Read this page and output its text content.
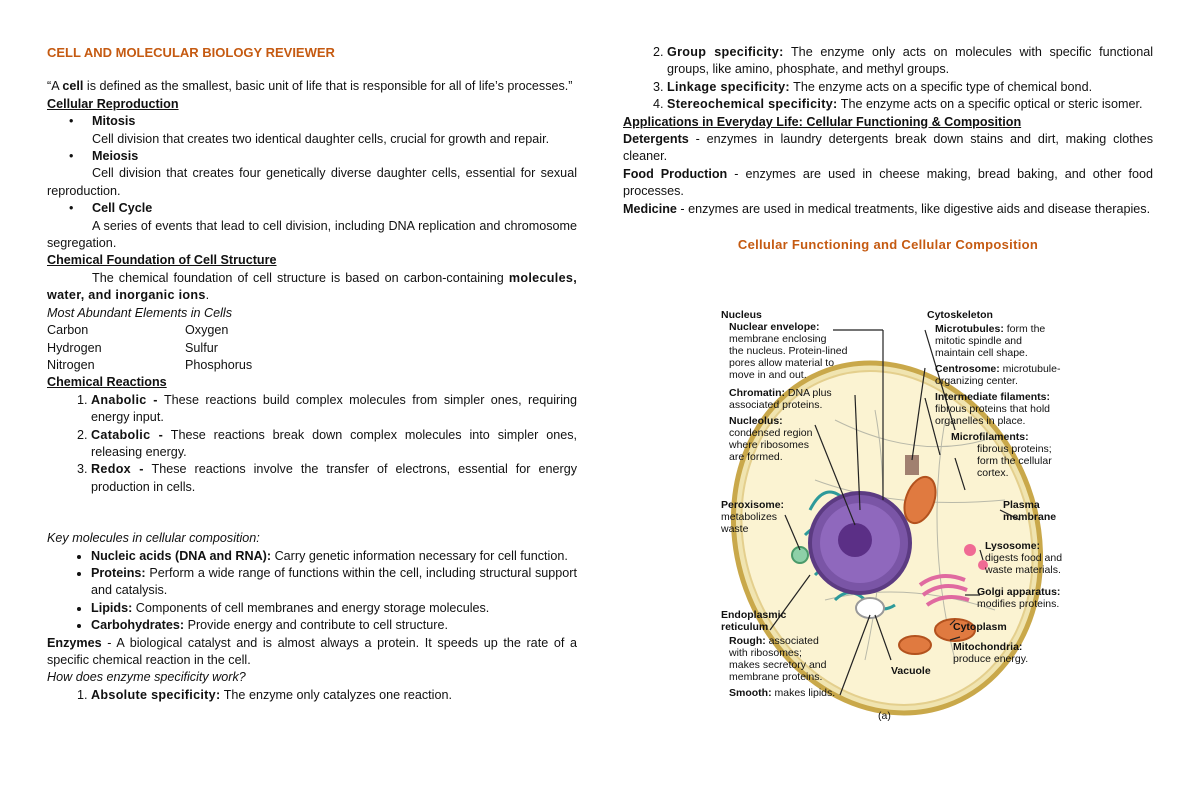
CELL AND MOLECULAR BIOLOGY REVIEWER

“A cell is defined as the smallest, basic unit of life that is responsible for all of life’s processes.”

Cellular Reproduction

•	Mitosis

Cell division that creates two identical daughter cells, crucial for growth and repair.

•	Meiosis

Cell division that creates four genetically diverse daughter cells, essential for sexual reproduction.

•	Cell Cycle

A series of events that lead to cell division, including DNA replication and chromosome segregation.

Chemical Foundation of Cell Structure

The chemical foundation of cell structure is based on carbon-containing molecules, water, and inorganic ions.

Most Abundant Elements in Cells

Carbon	Oxygen
Hydrogen	Sulfur
Nitrogen	Phosphorus

Chemical Reactions

1. Anabolic - These reactions build complex molecules from simpler ones, requiring energy input.
2. Catabolic - These reactions break down complex molecules into simpler ones, releasing energy.
3. Redox - These reactions involve the transfer of electrons, essential for energy production in cells.

Key molecules in cellular composition:

• Nucleic acids (DNA and RNA): Carry genetic information necessary for cell function.
• Proteins: Perform a wide range of functions within the cell, including structural support and catalysis.
• Lipids: Components of cell membranes and energy storage molecules.
• Carbohydrates: Provide energy and contribute to cell structure.

Enzymes - A biological catalyst and is almost always a protein. It speeds up the rate of a specific chemical reaction in the cell.

How does enzyme specificity work?

1. Absolute specificity: The enzyme only catalyzes one reaction.
2. Group specificity: The enzyme only acts on molecules with specific functional groups, like amino, phosphate, and methyl groups.
3. Linkage specificity: The enzyme acts on a specific type of chemical bond.
4. Stereochemical specificity: The enzyme acts on a specific optical or steric isomer.

Applications in Everyday Life: Cellular Functioning & Composition

Detergents - enzymes in laundry detergents break down stains and dirt, making clothes cleaner.

Food Production - enzymes are used in cheese making, bread baking, and other food processes.

Medicine - enzymes are used in medical treatments, like digestive aids and disease therapies.

Cellular Functioning and Cellular Composition

Nucleus
Nuclear envelope:
membrane enclosing
the nucleus. Protein-lined
pores allow material to
move in and out.
Chromatin: DNA plus
associated proteins.
Nucleolus:
condensed region
where ribosomes
are formed.
Peroxisome:
metabolizes
waste
Endoplasmic
reticulum
Rough: associated
with ribosomes;
makes secretory and
membrane proteins.
Smooth: makes lipids.
Vacuole
Cytoskeleton
Microtubules: form the
mitotic spindle and
maintain cell shape.
Centrosome: microtubule-
organizing center.
Intermediate filaments:
fibrous proteins that hold
organelles in place.
Microfilaments:
fibrous proteins;
form the cellular
cortex.
Plasma
membrane
Lysosome:
digests food and
waste materials.
Golgi apparatus:
modifies proteins.
Cytoplasm
Mitochondria:
produce energy.
(a)
